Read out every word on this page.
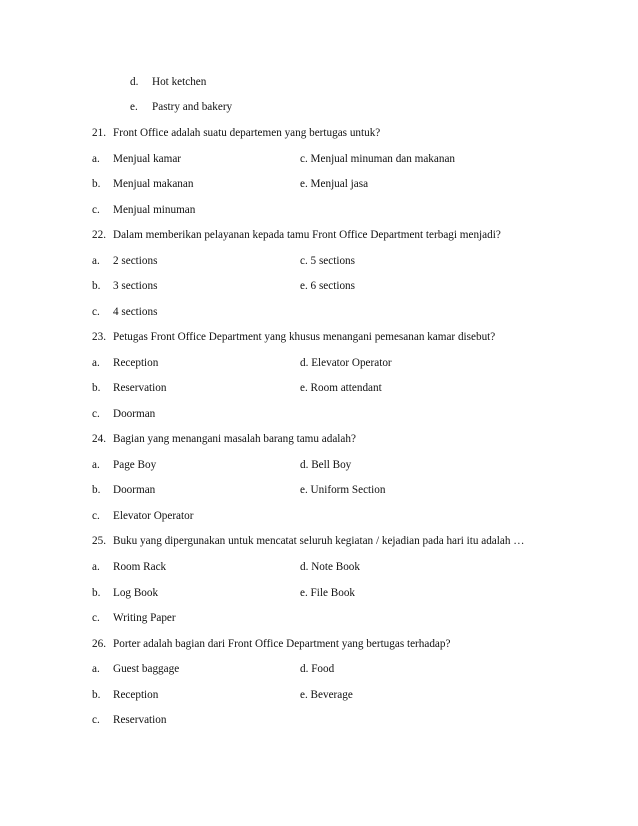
d. Hot ketchen
e. Pastry and bakery
21. Front Office adalah suatu departemen yang bertugas untuk?
a. Menjual kamar	c. Menjual minuman dan makanan
b. Menjual makanan	e. Menjual jasa
c. Menjual minuman
22. Dalam memberikan pelayanan kepada tamu Front Office Department terbagi menjadi?
a. 2 sections	c. 5 sections
b. 3 sections	e. 6 sections
c. 4 sections
23. Petugas Front Office Department yang khusus menangani pemesanan kamar disebut?
a. Reception	d. Elevator Operator
b. Reservation	e. Room attendant
c. Doorman
24. Bagian yang menangani masalah barang tamu adalah?
a. Page Boy	d. Bell Boy
b. Doorman	e. Uniform Section
c. Elevator Operator
25. Buku yang dipergunakan untuk mencatat seluruh kegiatan / kejadian pada hari itu adalah …
a. Room Rack	d. Note Book
b. Log Book	e. File Book
c. Writing Paper
26. Porter adalah bagian dari Front Office Department yang bertugas terhadap?
a. Guest baggage	d. Food
b. Reception	e. Beverage
c. Reservation
